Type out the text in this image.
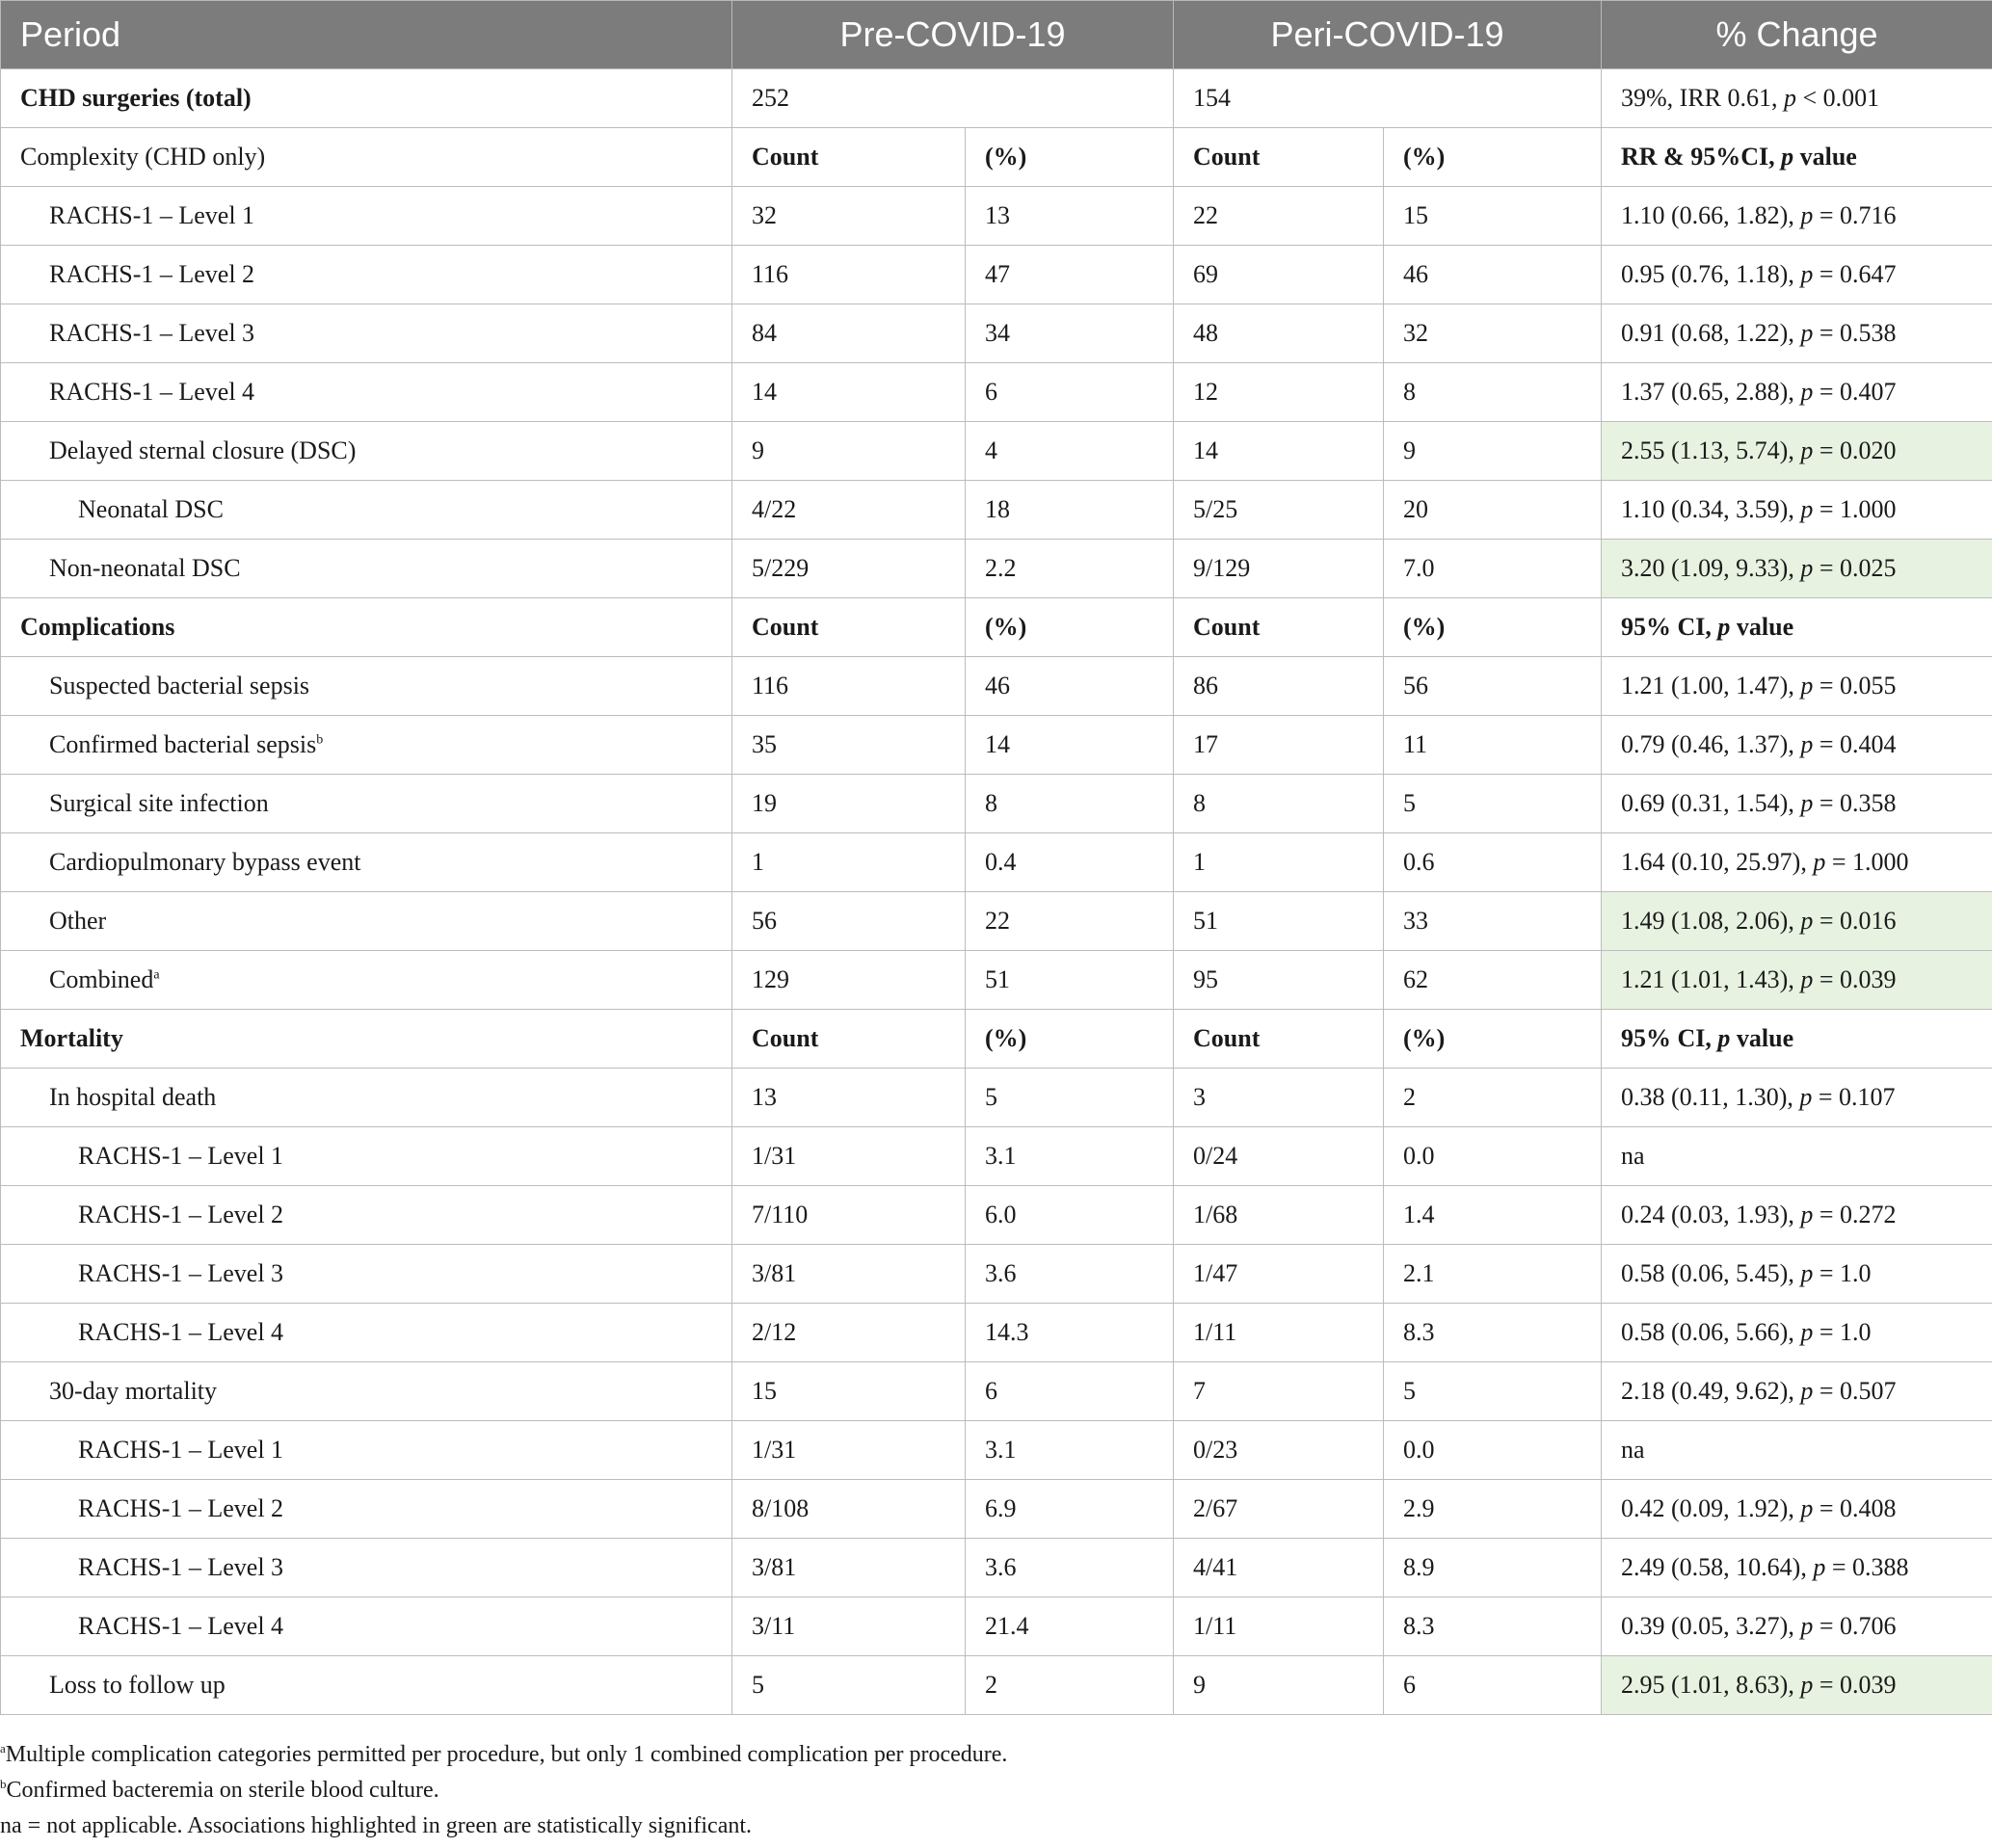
Period	Pre-COVID-19		Peri-COVID-19		% Change
CHD surgeries (total)	252		154		39%, IRR 0.61, p < 0.001
Complexity (CHD only)	Count	(%)	Count	(%)	RR & 95%CI, p value
RACHS-1 – Level 1	32	13	22	15	1.10 (0.66, 1.82), p = 0.716
RACHS-1 – Level 2	116	47	69	46	0.95 (0.76, 1.18), p = 0.647
RACHS-1 – Level 3	84	34	48	32	0.91 (0.68, 1.22), p = 0.538
RACHS-1 – Level 4	14	6	12	8	1.37 (0.65, 2.88), p = 0.407
Delayed sternal closure (DSC)	9	4	14	9	2.55 (1.13, 5.74), p = 0.020
Neonatal DSC	4/22	18	5/25	20	1.10 (0.34, 3.59), p = 1.000
Non-neonatal DSC	5/229	2.2	9/129	7.0	3.20 (1.09, 9.33), p = 0.025
Complications	Count	(%)	Count	(%)	95% CI, p value
Suspected bacterial sepsis	116	46	86	56	1.21 (1.00, 1.47), p = 0.055
Confirmed bacterial sepsis$^b$	35	14	17	11	0.79 (0.46, 1.37), p = 0.404
Surgical site infection	19	8	8	5	0.69 (0.31, 1.54), p = 0.358
Cardiopulmonary bypass event	1	0.4	1	0.6	1.64 (0.10, 25.97), p = 1.000
Other	56	22	51	33	1.49 (1.08, 2.06), p = 0.016
Combined$^a$	129	51	95	62	1.21 (1.01, 1.43), p = 0.039
Mortality	Count	(%)	Count	(%)	95% CI, p value
In hospital death	13	5	3	2	0.38 (0.11, 1.30), p = 0.107
RACHS-1 – Level 1	1/31	3.1	0/24	0.0	na
RACHS-1 – Level 2	7/110	6.0	1/68	1.4	0.24 (0.03, 1.93), p = 0.272
RACHS-1 – Level 3	3/81	3.6	1/47	2.1	0.58 (0.06, 5.45), p = 1.0
RACHS-1 – Level 4	2/12	14.3	1/11	8.3	0.58 (0.06, 5.66), p = 1.0
30-day mortality	15	6	7	5	2.18 (0.49, 9.62), p = 0.507
RACHS-1 – Level 1	1/31	3.1	0/23	0.0	na
RACHS-1 – Level 2	8/108	6.9	2/67	2.9	0.42 (0.09, 1.92), p = 0.408
RACHS-1 – Level 3	3/81	3.6	4/41	8.9	2.49 (0.58, 10.64), p = 0.388
RACHS-1 – Level 4	3/11	21.4	1/11	8.3	0.39 (0.05, 3.27), p = 0.706
Loss to follow up	5	2	9	6	2.95 (1.01, 8.63), p = 0.039
$^a$Multiple complication categories permitted per procedure, but only 1 combined complication per procedure.
$^b$Confirmed bacteremia on sterile blood culture.
na = not applicable. Associations highlighted in green are statistically significant.
